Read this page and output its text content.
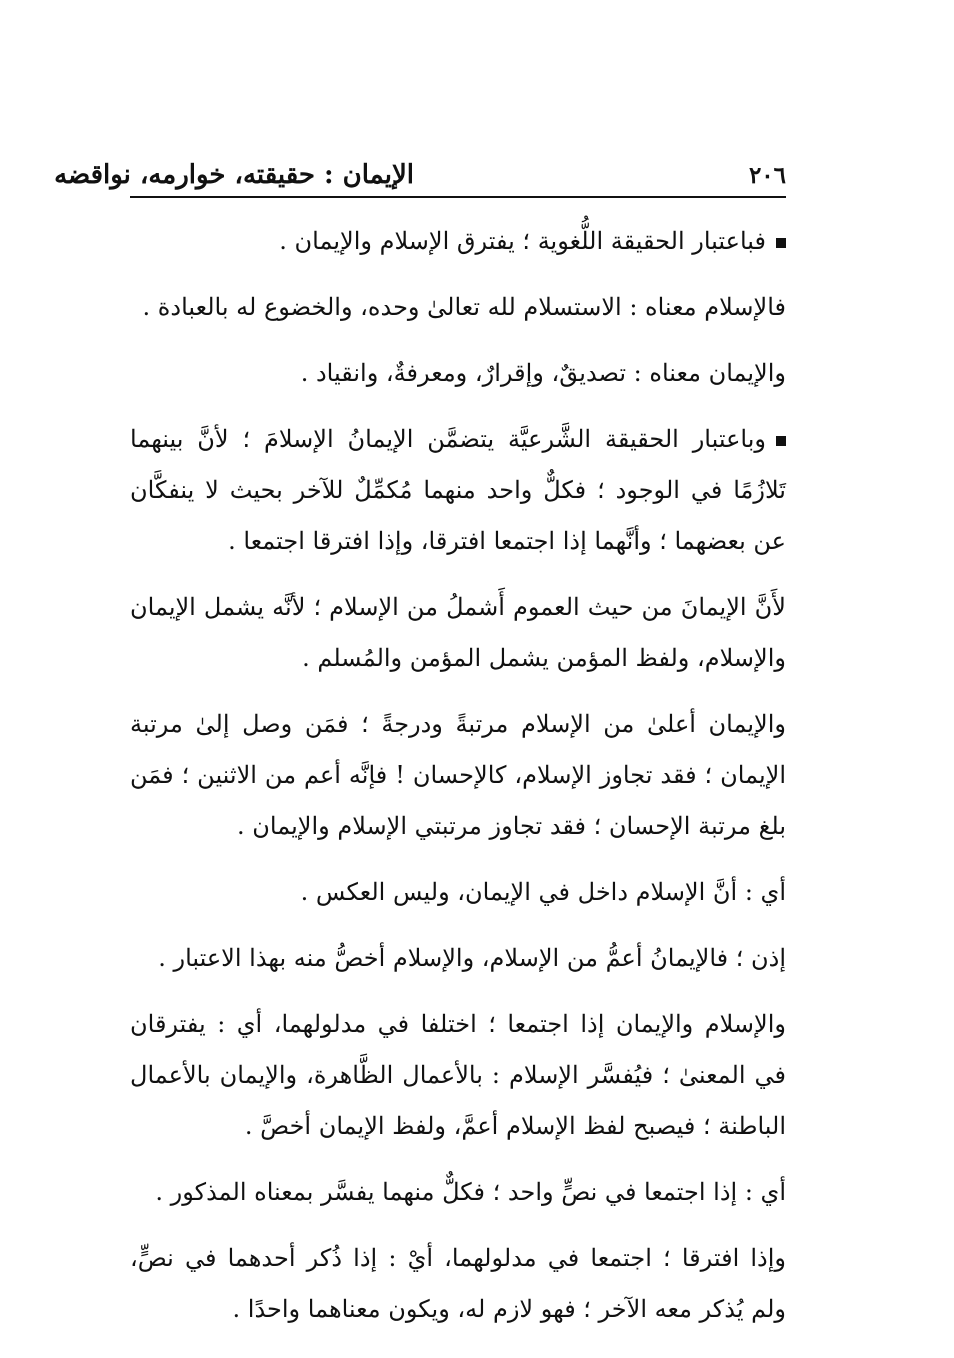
الإيمان : حقيقته، خوارمه، نواقضه	٢٠٦

فباعتبار الحقيقة اللُّغوية ؛ يفترق الإسلام والإيمان .

فالإسلام معناه : الاستسلام لله تعالىٰ وحده، والخضوع له بالعبادة .

والإيمان معناه : تصديقٌ، وإقرارٌ، ومعرفةٌ، وانقياد .

وباعتبار الحقيقة الشَّرعيَّة يتضمَّن الإيمانُ الإسلامَ ؛ لأنَّ بينهما تَلازُمًا في الوجود ؛ فكلٌّ واحد منهما مُكمِّلٌ للآخر بحيث لا ينفكَّان عن بعضهما ؛ وأنَّهما إذا اجتمعا افترقا، وإذا افترقا اجتمعا .

لأَنَّ الإيمانَ من حيث العموم أَشملُ من الإسلام ؛ لأنَّه يشمل الإيمان والإسلام، ولفظ المؤمن يشمل المؤمن والمُسلم .

والإيمان أعلىٰ من الإسلام مرتبةً ودرجةً ؛ فمَن وصل إلىٰ مرتبة الإيمان ؛ فقد تجاوز الإسلام، كالإحسان ! فإنَّه أعم من الاثنين ؛ فمَن بلغ مرتبة الإحسان ؛ فقد تجاوز مرتبتي الإسلام والإيمان .

أي : أنَّ الإسلام داخل في الإيمان، وليس العكس .

إذن ؛ فالإيمانُ أعمُّ من الإسلام، والإسلام أخصُّ منه بهذا الاعتبار .

والإسلام والإيمان إذا اجتمعا ؛ اختلفا في مدلولهما، أي : يفترقان في المعنىٰ ؛ فيُفسَّر الإسلام : بالأعمال الظَّاهرة، والإيمان بالأعمال الباطنة ؛ فيصبح لفظ الإسلام أعمَّ، ولفظ الإيمان أخصَّ .

أي : إذا اجتمعا في نصٍّ واحد ؛ فكلٌّ منهما يفسَّر بمعناه المذكور .

وإذا افترقا ؛ اجتمعا في مدلولهما، أيْ : إذا ذُكر أحدهما في نصٍّ، ولم يُذكر معه الآخر ؛ فهو لازم له، ويكون معناهما واحدًا .
